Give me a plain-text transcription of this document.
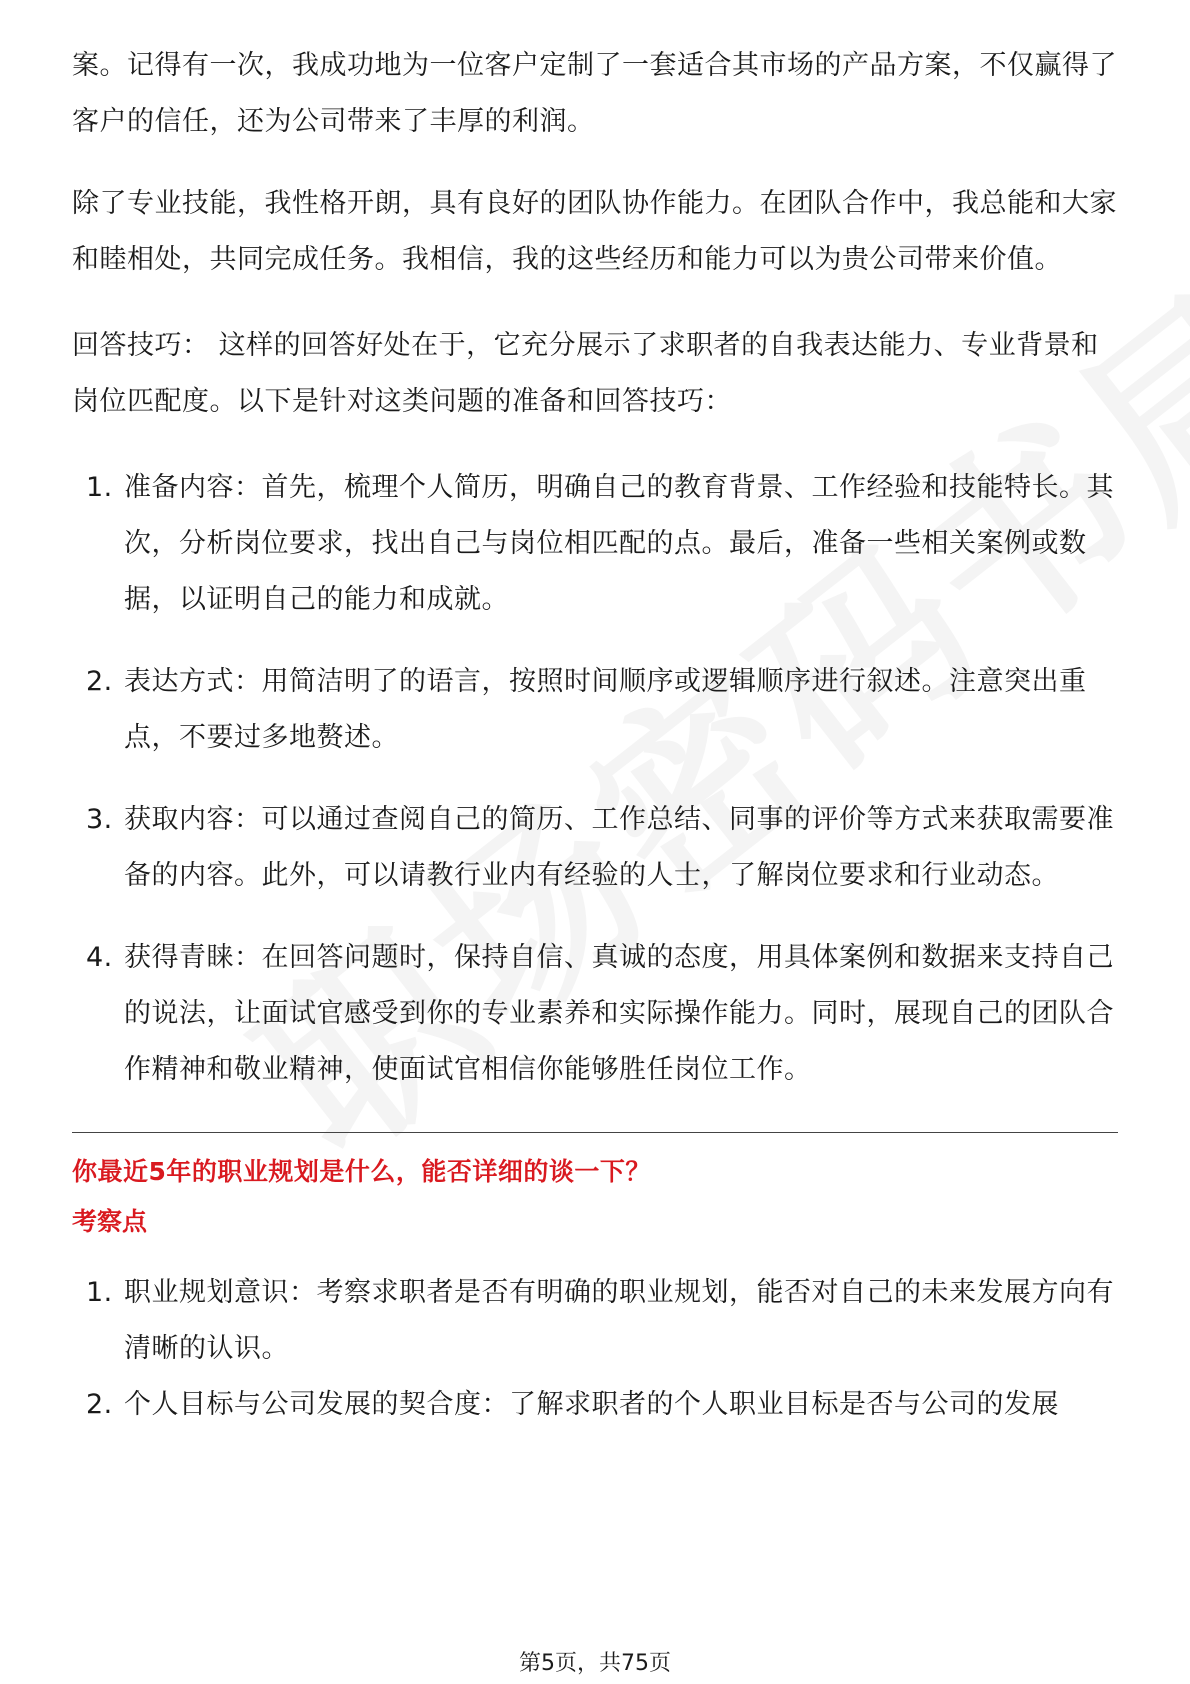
案。记得有一次，我成功地为一位客户定制了一套适合其市场的产品方案，不仅赢得了客户的信任，还为公司带来了丰厚的利润。

除了专业技能，我性格开朗，具有良好的团队协作能力。在团队合作中，我总能和大家和睦相处，共同完成任务。我相信，我的这些经历和能力可以为贵公司带来价值。

回答技巧： 这样的回答好处在于，它充分展示了求职者的自我表达能力、专业背景和岗位匹配度。以下是针对这类问题的准备和回答技巧：

1. 准备内容：首先，梳理个人简历，明确自己的教育背景、工作经验和技能特长。其次，分析岗位要求，找出自己与岗位相匹配的点。最后，准备一些相关案例或数据，以证明自己的能力和成就。
2. 表达方式：用简洁明了的语言，按照时间顺序或逻辑顺序进行叙述。注意突出重点，不要过多地赘述。
3. 获取内容：可以通过查阅自己的简历、工作总结、同事的评价等方式来获取需要准备的内容。此外，可以请教行业内有经验的人士，了解岗位要求和行业动态。
4. 获得青睐：在回答问题时，保持自信、真诚的态度，用具体案例和数据来支持自己的说法，让面试官感受到你的专业素养和实际操作能力。同时，展现自己的团队合作精神和敬业精神，使面试官相信你能够胜任岗位工作。
你最近5年的职业规划是什么，能否详细的谈一下？
考察点
1. 职业规划意识：考察求职者是否有明确的职业规划，能否对自己的未来发展方向有清晰的认识。
2. 个人目标与公司发展的契合度：了解求职者的个人职业目标是否与公司的发展
第5页，共75页
